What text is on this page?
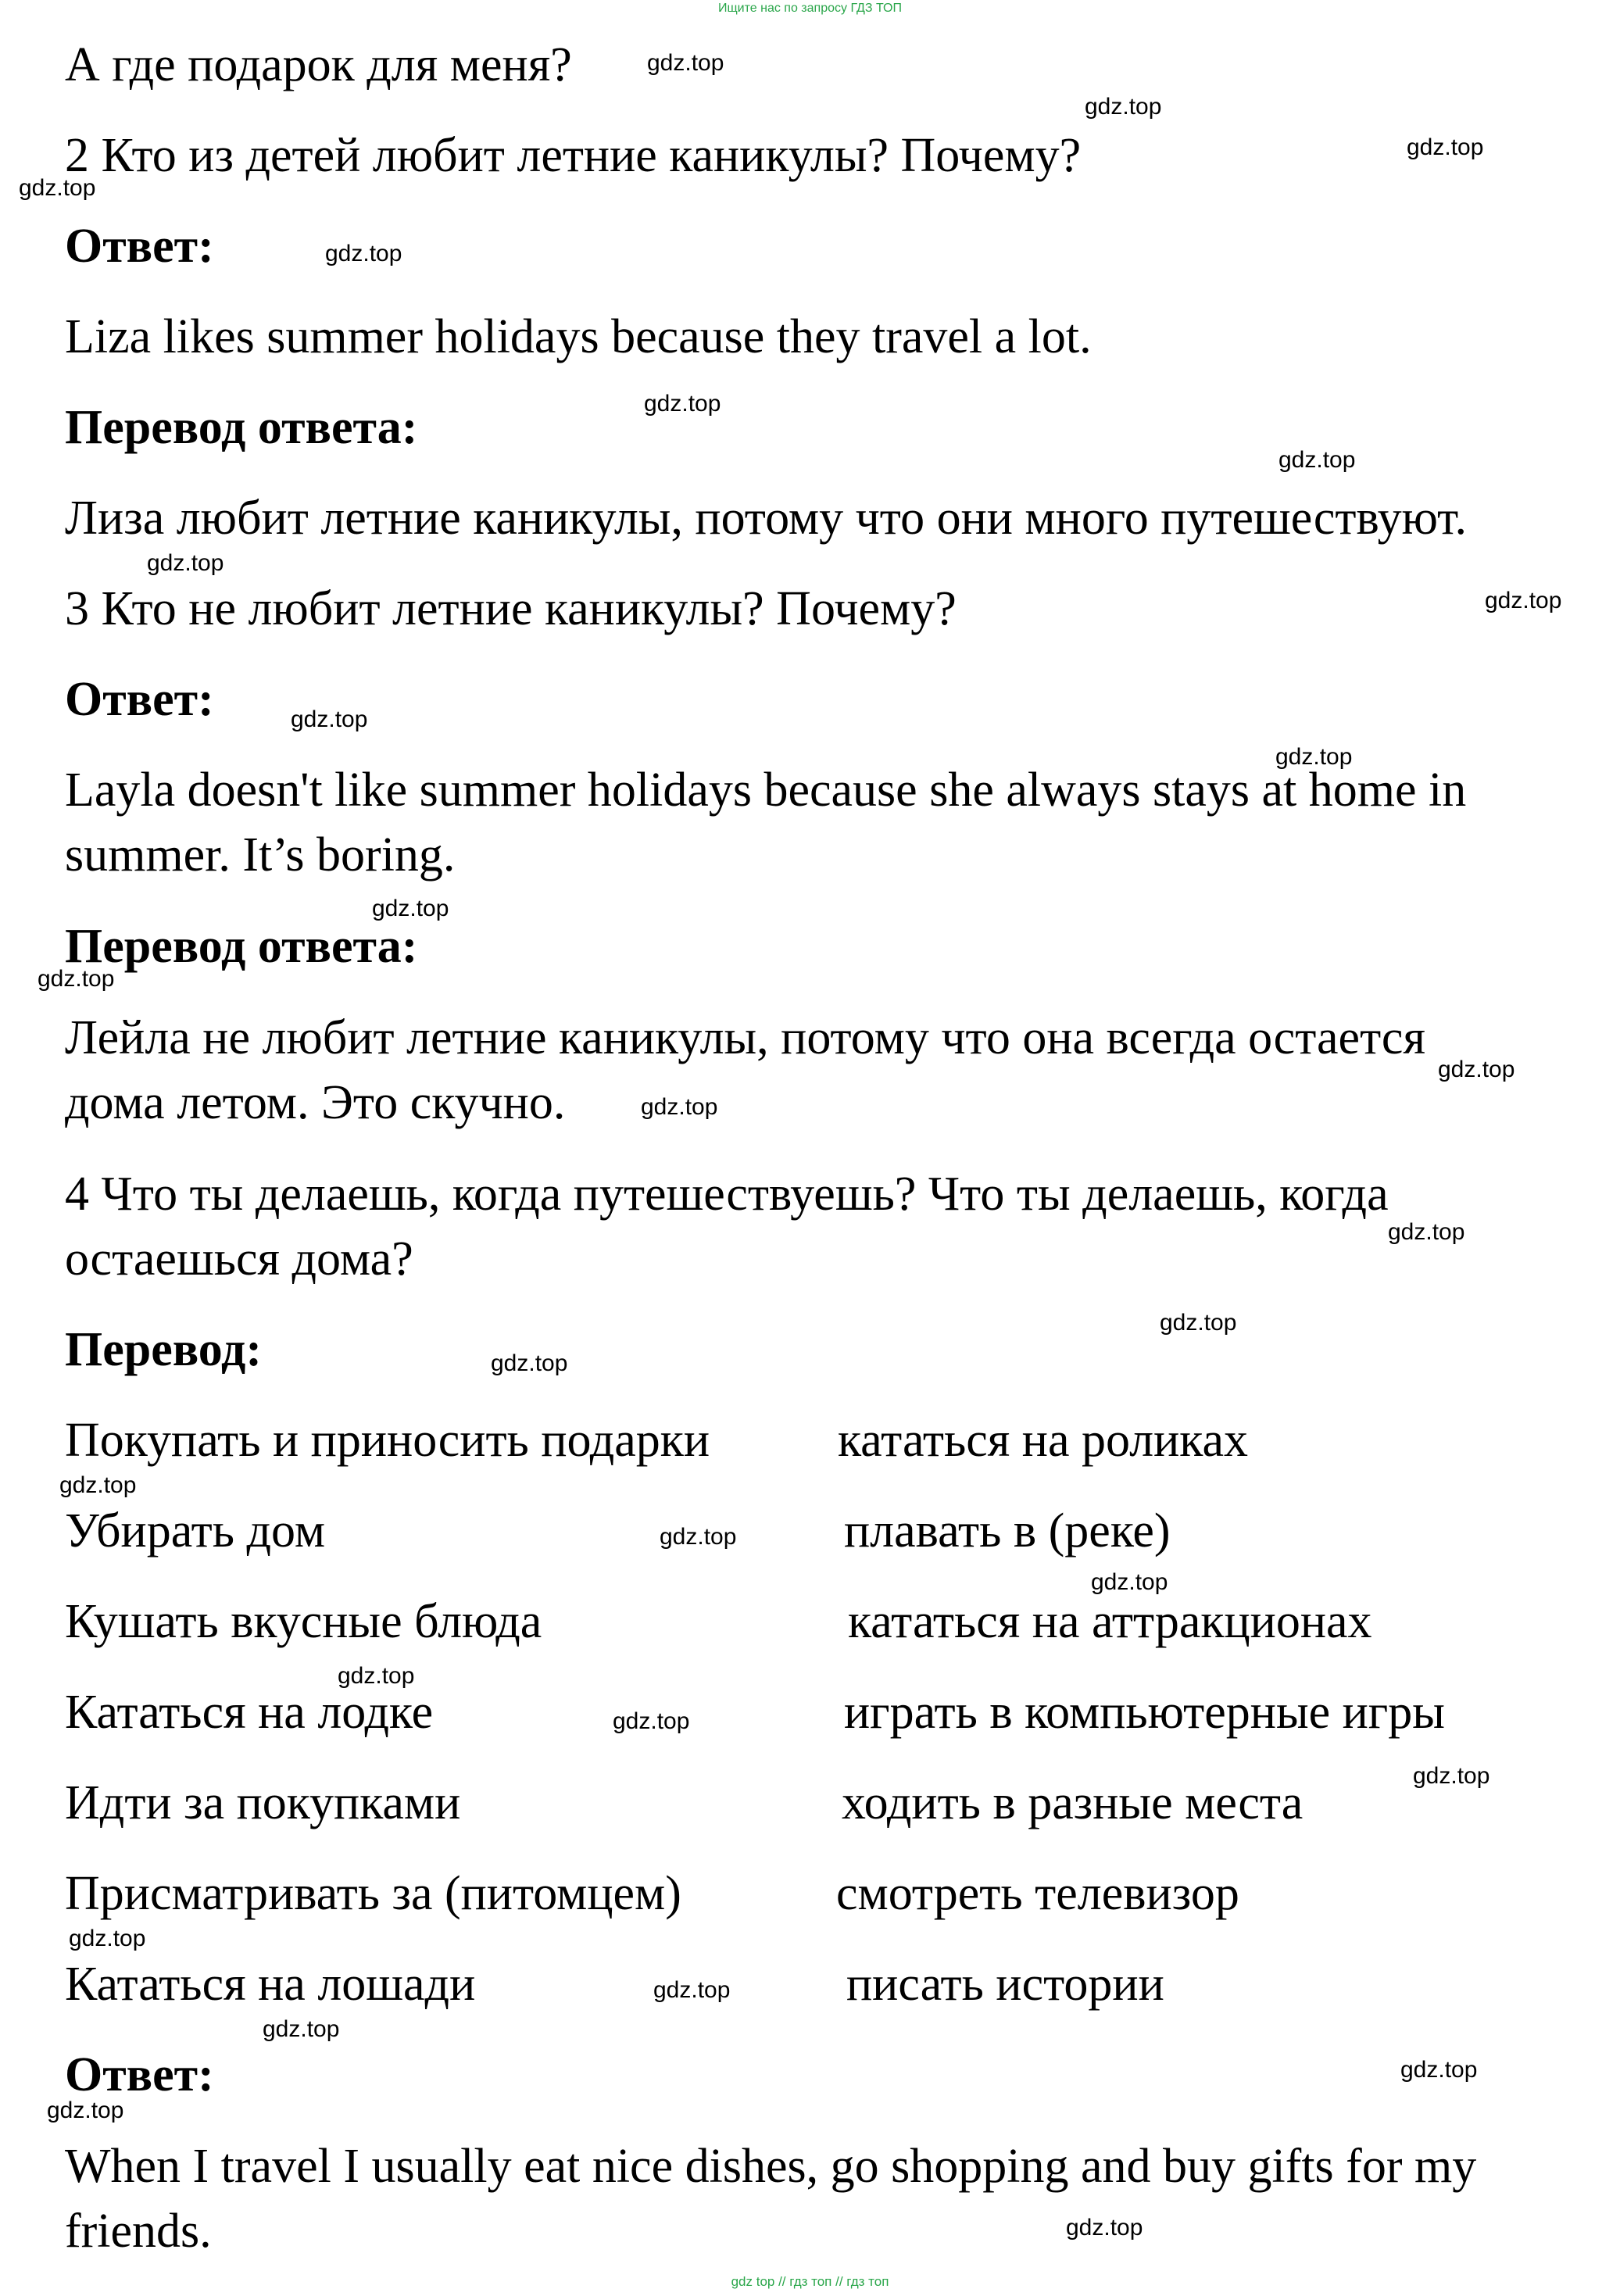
Ищите нас по запросу ГДЗ ТОП
А где подарок для меня?
2 Кто из детей любит летние каникулы? Почему?
Ответ:
Liza likes summer holidays because they travel a lot.
Перевод ответа:
Лиза любит летние каникулы, потому что они много путешествуют.
3 Кто не любит летние каникулы? Почему?
Ответ:
Layla doesn't like summer holidays because she always stays at home in
summer. It’s boring.
Перевод ответа:
Лейла не любит летние каникулы, потому что она всегда остается
дома летом. Это скучно.
4 Что ты делаешь, когда путешествуешь? Что ты делаешь, когда
остаешься дома?
Перевод:
Покупать и приносить подарки	кататься на роликах
Убирать дом	плавать в (реке)
Кушать вкусные блюда	кататься на аттракционах
Кататься на лодке	играть в компьютерные игры
Идти за покупками	ходить в разные места
Присматривать за (питомцем)	смотреть телевизор
Кататься на лошади	писать истории
Ответ:
When I travel I usually eat nice dishes, go shopping and buy gifts for my
friends.
gdz.top
gdz.top
gdz.top
gdz.top
gdz.top
gdz.top
gdz.top
gdz.top
gdz.top
gdz.top
gdz.top
gdz.top
gdz.top
gdz.top
gdz.top
gdz.top
gdz.top
gdz.top
gdz.top
gdz.top
gdz.top
gdz.top
gdz.top
gdz.top
gdz.top
gdz.top
gdz.top
gdz.top
gdz.top
gdz.top
gdz top // гдз топ // гдз топ
